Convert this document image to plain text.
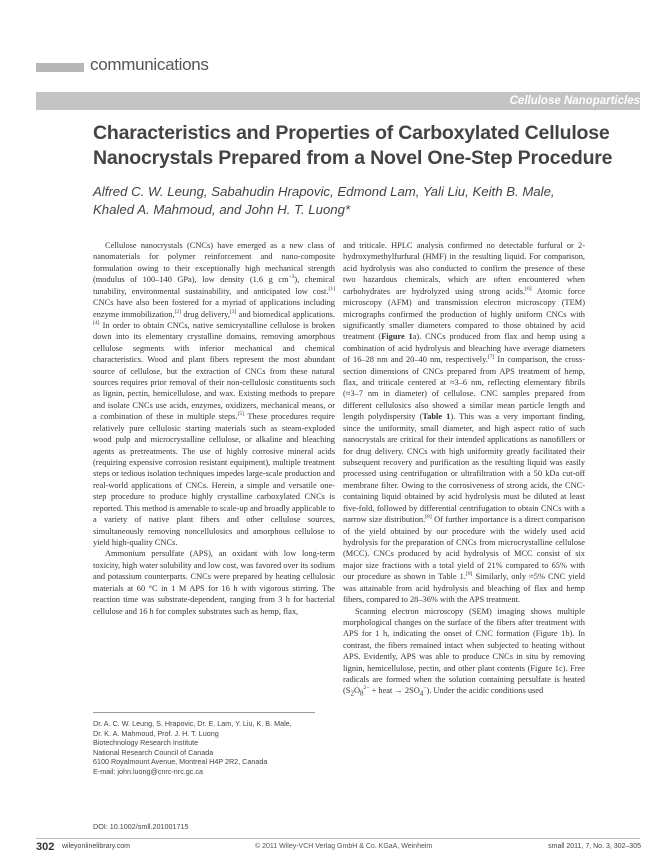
communications
Cellulose Nanoparticles
Characteristics and Properties of Carboxylated Cellulose
Nanocrystals Prepared from a Novel One-Step Procedure
Alfred C. W. Leung, Sabahudin Hrapovic, Edmond Lam, Yali Liu, Keith B. Male,
Khaled A. Mahmoud, and John H. T. Luong*

Cellulose nanocrystals (CNCs) have emerged as a new class of nanomaterials for polymer reinforcement and nano-composite formulation owing to their exceptionally high mechanical strength (modulus of 100–140 GPa), low density (1.6 g $cm^{-3}$), chemical tunability, environmental sustainability, and anticipated low cost.[1] CNCs have also been fostered for a myriad of applications including enzyme immobilization,[2] drug delivery,[3] and biomedical applications.[4] In order to obtain CNCs, native semicrystalline cellulose is broken down into its elementary crystalline domains, removing amorphous cellulose segments with inferior mechanical and chemical characteristics. Wood and plant fibers represent the most abundant source of cellulose, but the extraction of CNCs from these natural sources requires prior removal of their non-cellulosic constituents such as lignin, pectin, hemicellulose, and wax. Existing methods to prepare and isolate CNCs use acids, enzymes, oxidizers, mechanical means, or a combination of these in multiple steps.[5] These procedures require relatively pure cellulosic starting materials such as steam-exploded wood pulp and microcrystalline cellulose, or alkaline and bleaching agents as pretreatments. The use of highly corrosive mineral acids (requiring expensive corrosion resistant equipment), multiple treatment steps or tedious isolation techniques impedes large-scale production and real-world applications of CNCs. Herein, a simple and versatile one-step procedure to produce highly crystalline carboxylated CNCs is reported. This method is amenable to scale-up and broadly applicable to a variety of native plant fibers and other cellulose sources, simultaneously removing noncellulosics and amorphous cellulose to yield high-quality CNCs.

Ammonium persulfate (APS), an oxidant with low long-term toxicity, high water solubility and low cost, was favored over its sodium and potassium counterparts. CNCs were prepared by heating cellulosic materials at 60 °C in 1 M APS for 16 h with vigorous stirring. The reaction time was substrate-dependent, ranging from 3 h for bacterial cellulose and 16 h for complex substrates such as hemp, flax,

and triticale. HPLC analysis confirmed no detectable furfural or 2-hydroxymethylfurfural (HMF) in the resulting liquid. For comparison, acid hydrolysis was also conducted to confirm the presence of these two hazardous chemicals, which are often encountered when carbohydrates are hydrolyzed using strong acids.[6] Atomic force microscopy (AFM) and transmission electron microscopy (TEM) micrographs confirmed the production of highly uniform CNCs with significantly smaller diameters compared to those obtained by acid treatment (Figure 1a). CNCs produced from flax and hemp using a combination of acid hydrolysis and bleaching have average diameters of 16–28 nm and 20–40 nm, respectively.[7] In comparison, the cross-section dimensions of CNCs prepared from APS treatment of hemp, flax, and triticale centered at ≈3–6 nm, reflecting elementary fibrils (≈3–7 nm in diameter) of cellulose. CNC samples prepared from different cellulosics also showed a similar mean particle length and length polydispersity (Table 1). This was a very important finding, since the uniformity, small diameter, and high aspect ratio of such nanocrystals are critical for their intended applications as nanofillers or for drug delivery. CNCs with high uniformity greatly facilitated their subsequent recovery and purification as the resulting liquid was easily processed using centrifugation or ultrafiltration with a 50 kDa cut-off membrane filter. Owing to the corrosiveness of strong acids, the CNC-containing liquid obtained by acid hydrolysis must be diluted at least five-fold, followed by differential centrifugation to obtain CNCs with a narrow size distribution.[8] Of further importance is a direct comparison of the yield obtained by our procedure with the widely used acid hydrolysis for the preparation of CNCs from microcrystalline cellulose (MCC). CNCs produced by acid hydrolysis of MCC consist of six major size fractions with a total yield of 21% compared to 65% with our procedure as shown in Table 1.[9] Similarly, only ≈5% CNC yield was attainable from acid hydrolysis and bleaching of flax and hemp fibers, compared to 28–36% with the APS treatment.

Scanning electron microscopy (SEM) imaging shows multiple morphological changes on the surface of the fibers after treatment with APS for 1 h, indicating the onset of CNC formation (Figure 1b). In contrast, the fibers remained intact when subjected to heating without APS. Evidently, APS was able to produce CNCs in situ by removing lignin, hemicellulose, pectin, and other plant contents (Figure 1c). Free radicals are formed when the solution containing persulfate is heated ($S_2O_8^{2-}$ + heat → $2SO_4^-$). Under the acidic conditions used

Dr. A. C. W. Leung, S. Hrapovic, Dr. E. Lam, Y. Liu, K. B. Male,
Dr. K. A. Mahmoud, Prof. J. H. T. Luong
Biotechnology Research Institute
National Research Council of Canada
6100 Royalmount Avenue, Montreal H4P 2R2, Canada
E-mail: john.luong@cnrc-nrc.gc.ca
DOI: 10.1002/smll.201001715
302 wileyonlinelibrary.com	© 2011 Wiley-VCH Verlag GmbH & Co. KGaA, Weinheim	small 2011, 7, No. 3, 302–305
